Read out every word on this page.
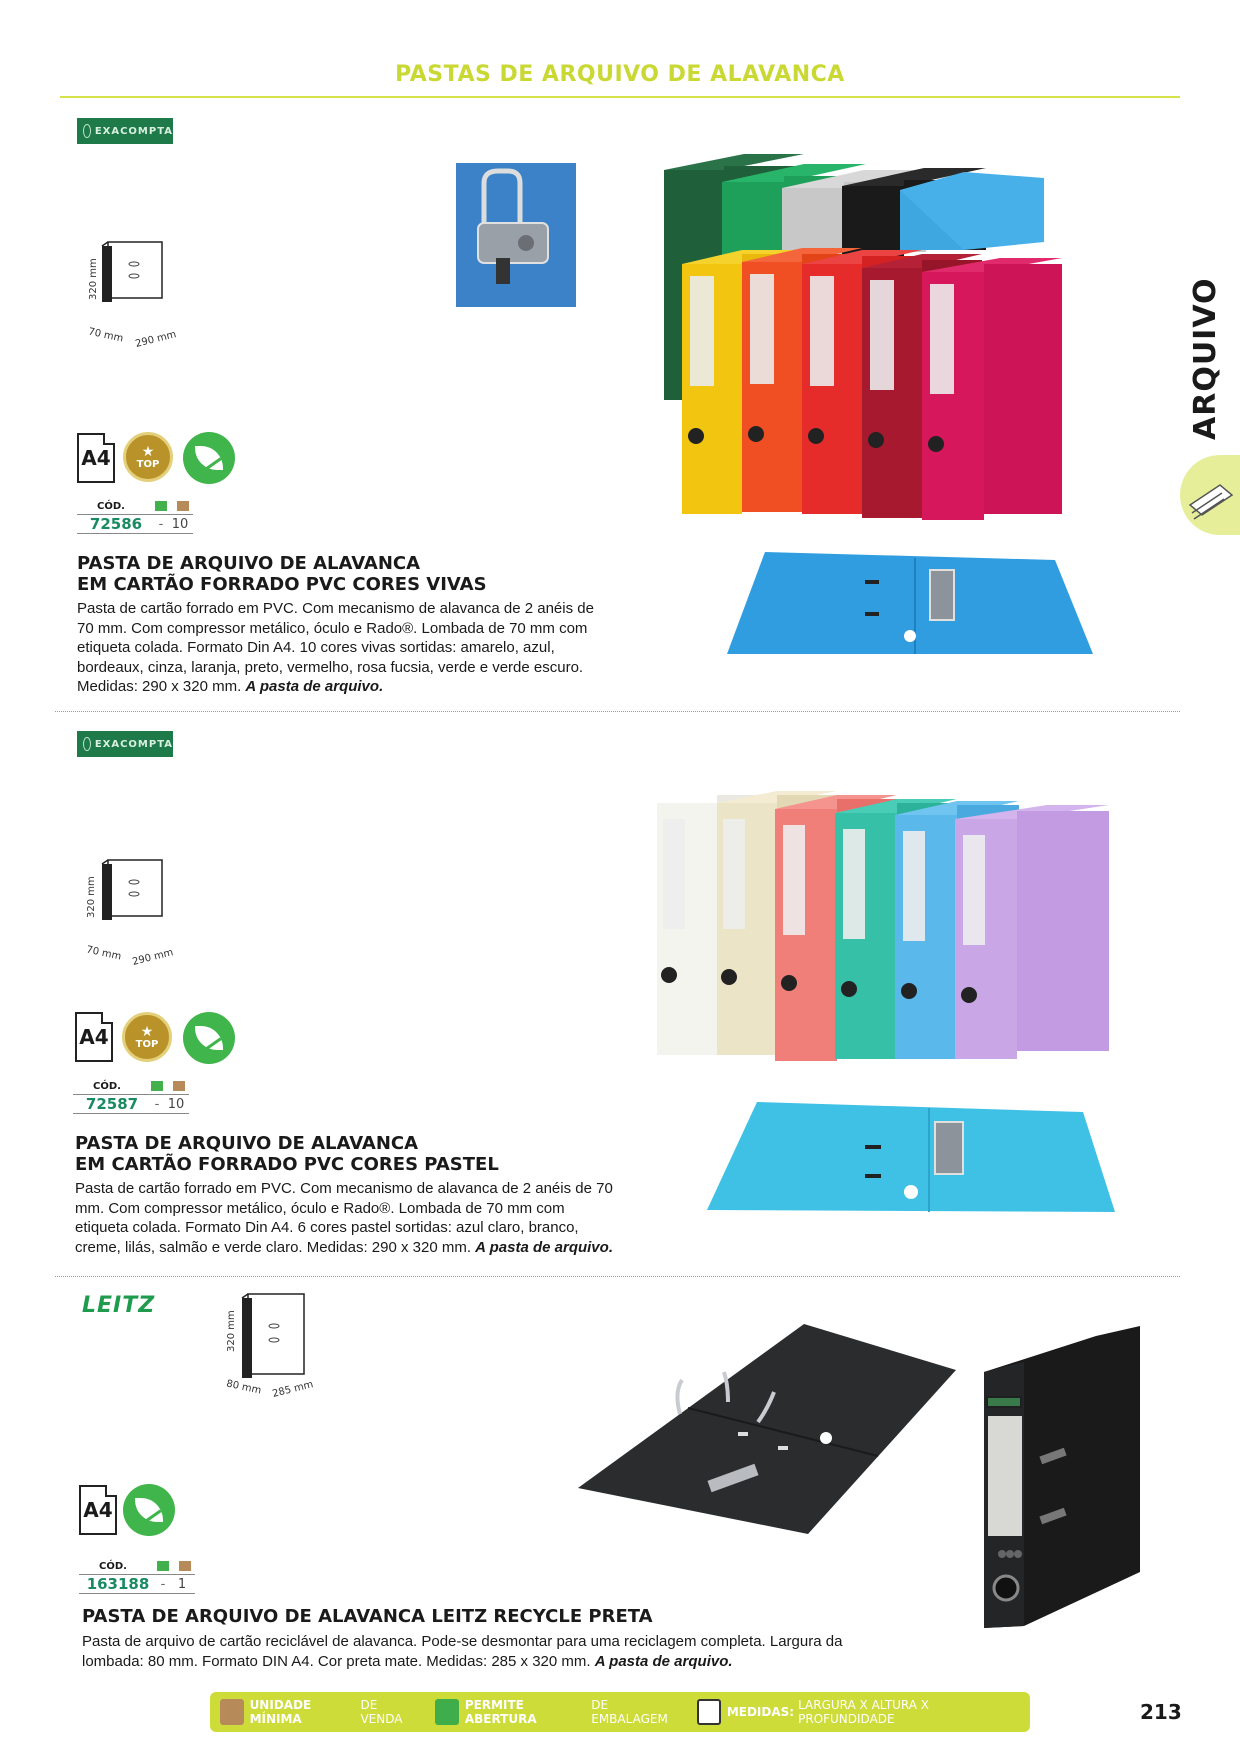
PASTAS DE ARQUIVO DE ALAVANCA
ARQUIVO
EXACOMPTA
320 mm
70 mm 290 mm
A4	★
TOP
CÓD.
72586	- 10
PASTA DE ARQUIVO DE ALAVANCA
EM CARTÃO FORRADO PVC CORES VIVAS
Pasta de cartão forrado em PVC. Com mecanismo de alavanca de 2 anéis de 70 mm. Com compressor metálico, óculo e Rado®. Lombada de 70 mm com etiqueta colada. Formato Din A4. 10 cores vivas sortidas: amarelo, azul, bordeaux, cinza, laranja, preto, vermelho, rosa fucsia, verde e verde escuro. Medidas: 290 x 320 mm. A pasta de arquivo.
EXACOMPTA
320 mm
70 mm 290 mm
A4	★
TOP
CÓD.
72587	- 10
PASTA DE ARQUIVO DE ALAVANCA
EM CARTÃO FORRADO PVC CORES PASTEL
Pasta de cartão forrado em PVC. Com mecanismo de alavanca de 2 anéis de 70 mm. Com compressor metálico, óculo e Rado®. Lombada de 70 mm com etiqueta colada. Formato Din A4. 6 cores pastel sortidas: azul claro, branco, creme, lilás, salmão e verde claro. Medidas: 290 x 320 mm. A pasta de arquivo.
LEITZ
320 mm
80 mm 285 mm
A4
CÓD.
163188 - 1
PASTA DE ARQUIVO DE ALAVANCA LEITZ RECYCLE PRETA
Pasta de arquivo de cartão reciclável de alavanca. Pode-se desmontar para uma reciclagem completa. Largura da lombada: 80 mm. Formato DIN A4. Cor preta mate. Medidas: 285 x 320 mm. A pasta de arquivo.
UNIDADE MÍNIMA
DE VENDA
PERMITE ABERTURA
DE EMBALAGEM	MEDIDAS: LARGURA X ALTURA X PROFUNDIDADE	213
